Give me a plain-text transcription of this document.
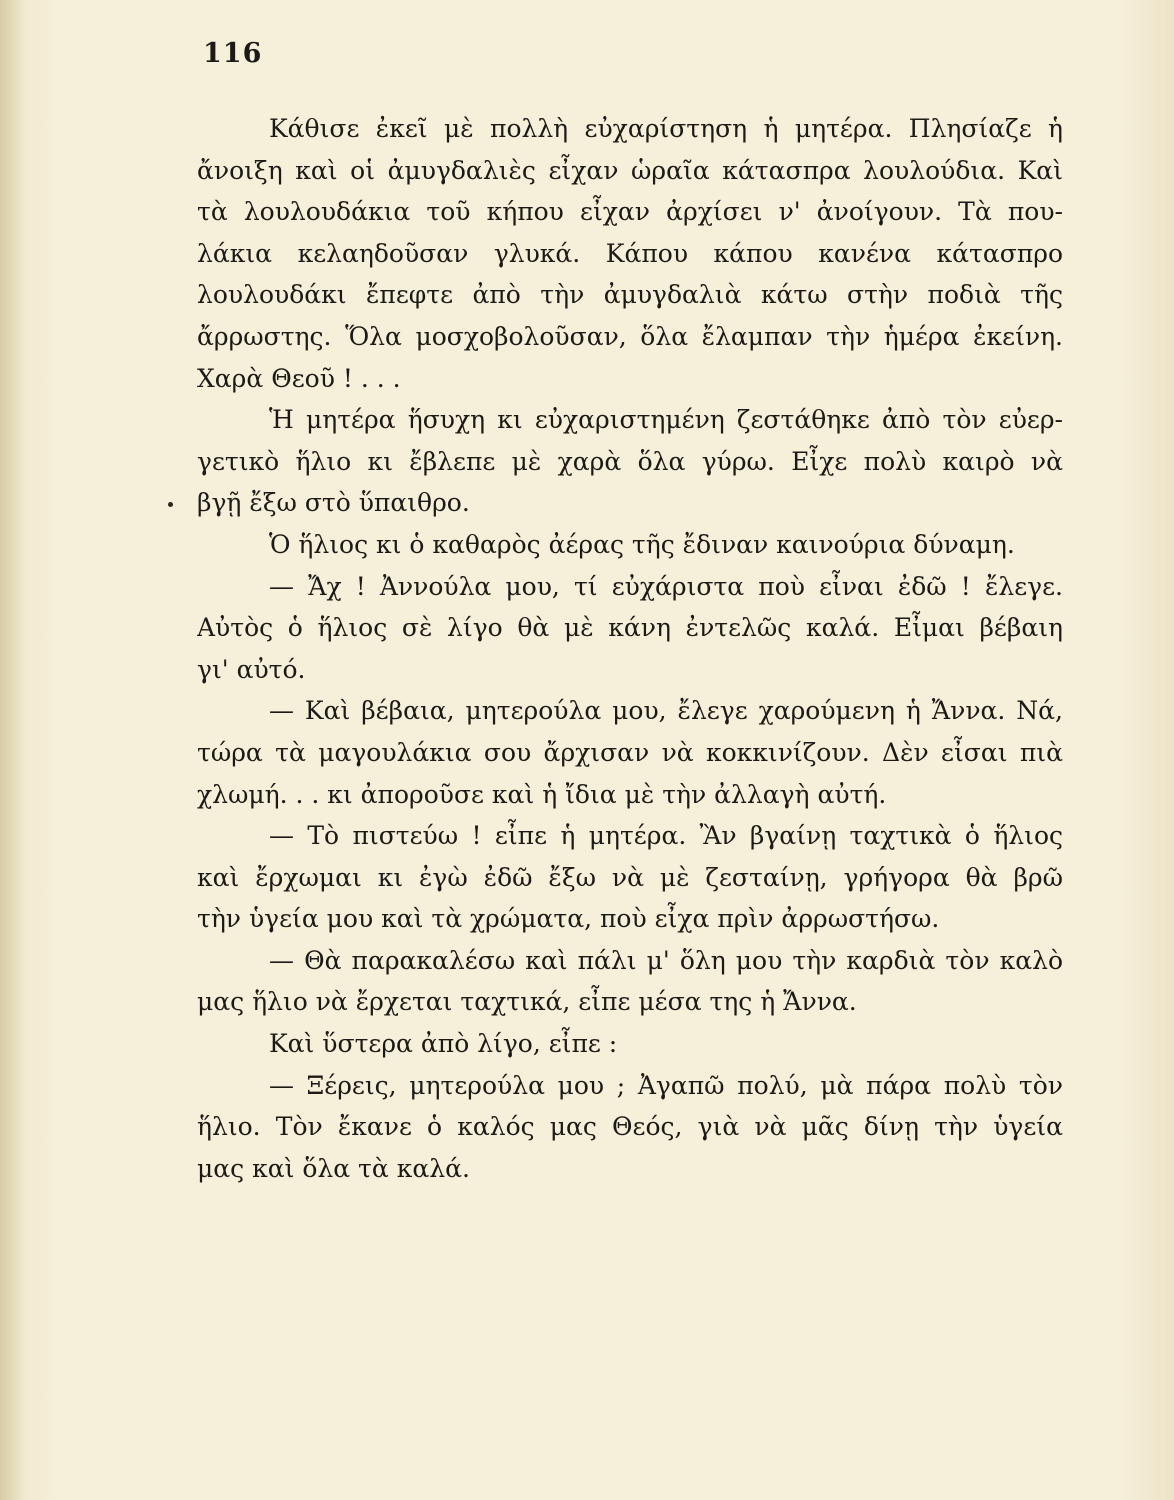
116
Κάθισε ἐκεῖ μὲ πολλὴ εὐχαρίστηση ἡ μητέρα. Πλησίαζε ἡ
ἄνοιξη καὶ οἱ ἀμυγδαλιὲς εἶχαν ὡραῖα κάτασπρα λουλούδια. Καὶ
τὰ λουλουδάκια τοῦ κήπου εἶχαν ἀρχίσει ν' ἀνοίγουν. Τὰ που-
λάκια κελαηδοῦσαν γλυκά. Κάπου κάπου κανένα κάτασπρο
λουλουδάκι ἔπεφτε ἀπὸ τὴν ἀμυγδαλιὰ κάτω στὴν ποδιὰ τῆς
ἄρρωστης. Ὅλα μοσχοβολοῦσαν, ὅλα ἔλαμπαν τὴν ἡμέρα ἐκείνη.
Χαρὰ Θεοῦ ! . . .
Ἡ μητέρα ἥσυχη κι εὐχαριστημένη ζεστάθηκε ἀπὸ τὸν εὐερ-
γετικὸ ἥλιο κι ἔβλεπε μὲ χαρὰ ὅλα γύρω. Εἶχε πολὺ καιρὸ νὰ
βγῇ ἔξω στὸ ὕπαιθρο.
Ὁ ἥλιος κι ὁ καθαρὸς ἀέρας τῆς ἔδιναν καινούρια δύναμη.
— Ἄχ ! Ἀννούλα μου, τί εὐχάριστα ποὺ εἶναι ἐδῶ ! ἔλεγε.
Αὐτὸς ὁ ἥλιος σὲ λίγο θὰ μὲ κάνη ἐντελῶς καλά. Εἶμαι βέβαιη
γι' αὐτό.
— Καὶ βέβαια, μητερούλα μου, ἔλεγε χαρούμενη ἡ Ἄννα. Νά,
τώρα τὰ μαγουλάκια σου ἄρχισαν νὰ κοκκινίζουν. Δὲν εἶσαι πιὰ
χλωμή. . . κι ἀποροῦσε καὶ ἡ ἴδια μὲ τὴν ἀλλαγὴ αὐτή.
— Τὸ πιστεύω ! εἶπε ἡ μητέρα. Ἂν βγαίνῃ ταχτικὰ ὁ ἥλιος
καὶ ἔρχωμαι κι ἐγὼ ἐδῶ ἔξω νὰ μὲ ζεσταίνῃ, γρήγορα θὰ βρῶ
τὴν ὑγεία μου καὶ τὰ χρώματα, ποὺ εἶχα πρὶν ἀρρωστήσω.
— Θὰ παρακαλέσω καὶ πάλι μ' ὅλη μου τὴν καρδιὰ τὸν καλὸ
μας ἥλιο νὰ ἔρχεται ταχτικά, εἶπε μέσα της ἡ Ἄννα.
Καὶ ὕστερα ἀπὸ λίγο, εἶπε :
— Ξέρεις, μητερούλα μου ; Ἀγαπῶ πολύ, μὰ πάρα πολὺ τὸν
ἥλιο. Τὸν ἔκανε ὁ καλός μας Θεός, γιὰ νὰ μᾶς δίνῃ τὴν ὑγεία
μας καὶ ὅλα τὰ καλά.
